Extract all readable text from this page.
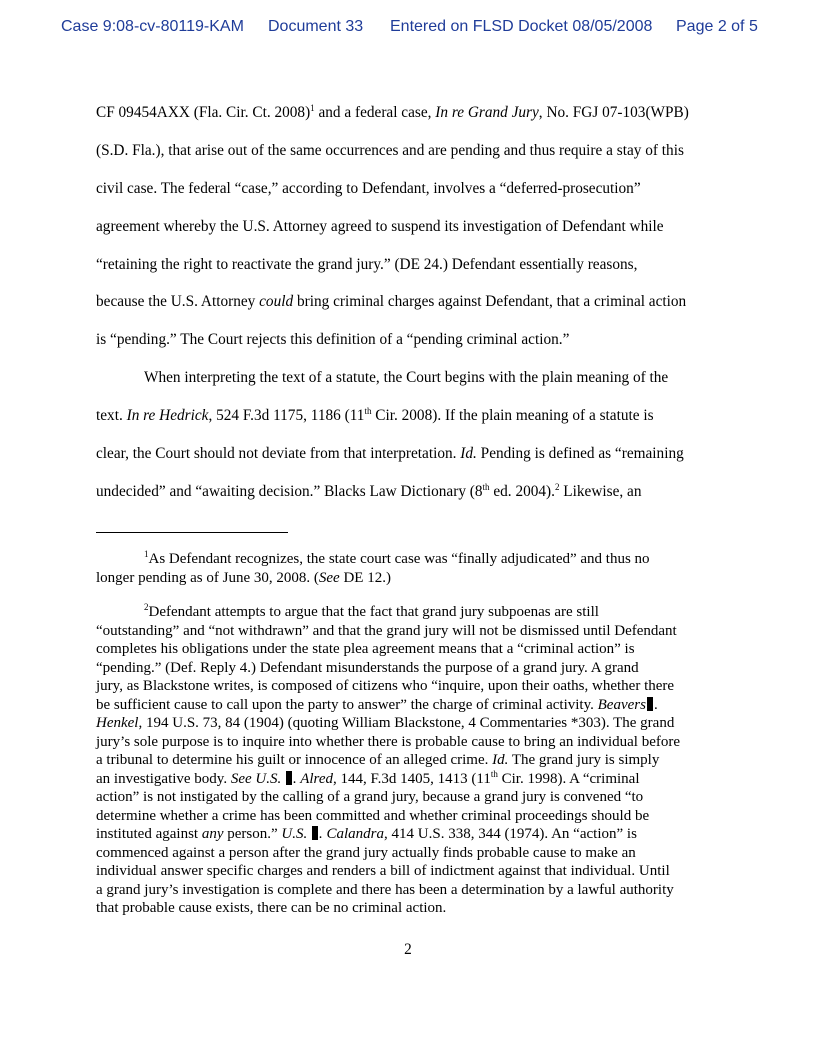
Case 9:08-cv-80119-KAM Document 33 Entered on FLSD Docket 08/05/2008 Page 2 of 5
CF 09454AXX (Fla. Cir. Ct. 2008)$^1$ and a federal case, In re Grand Jury, No. FGJ 07-103(WPB)
(S.D. Fla.), that arise out of the same occurrences and are pending and thus require a stay of this
civil case. The federal “case,” according to Defendant, involves a “deferred-prosecution”
agreement whereby the U.S. Attorney agreed to suspend its investigation of Defendant while
“retaining the right to reactivate the grand jury.” (DE 24.) Defendant essentially reasons,
because the U.S. Attorney could bring criminal charges against Defendant, that a criminal action
is “pending.” The Court rejects this definition of a “pending criminal action.”
When interpreting the text of a statute, the Court begins with the plain meaning of the
text. In re Hedrick, 524 F.3d 1175, 1186 (11th Cir. 2008). If the plain meaning of a statute is
clear, the Court should not deviate from that interpretation. Id. Pending is defined as “remaining
undecided” and “awaiting decision.” Blacks Law Dictionary (8th ed. 2004).$^2$ Likewise, an
$^1$As Defendant recognizes, the state court case was “finally adjudicated” and thus no
longer pending as of June 30, 2008. (See DE 12.)
$^2$Defendant attempts to argue that the fact that grand jury subpoenas are still
“outstanding” and “not withdrawn” and that the grand jury will not be dismissed until Defendant
completes his obligations under the state plea agreement means that a “criminal action” is
“pending.” (Def. Reply 4.) Defendant misunderstands the purpose of a grand jury. A grand
jury, as Blackstone writes, is composed of citizens who “inquire, upon their oaths, whether there
be sufficient cause to call upon the party to answer” the charge of criminal activity. Beavers .
Henkel, 194 U.S. 73, 84 (1904) (quoting William Blackstone, 4 Commentaries *303). The grand
jury’s sole purpose is to inquire into whether there is probable cause to bring an individual before
a tribunal to determine his guilt or innocence of an alleged crime. Id. The grand jury is simply
an investigative body. See U.S. . Alred, 144, F.3d 1405, 1413 (11th Cir. 1998). A “criminal
action” is not instigated by the calling of a grand jury, because a grand jury is convened “to
determine whether a crime has been committed and whether criminal proceedings should be
instituted against any person.” U.S. . Calandra, 414 U.S. 338, 344 (1974). An “action” is
commenced against a person after the grand jury actually finds probable cause to make an
individual answer specific charges and renders a bill of indictment against that individual. Until
a grand jury’s investigation is complete and there has been a determination by a lawful authority
that probable cause exists, there can be no criminal action.
2
